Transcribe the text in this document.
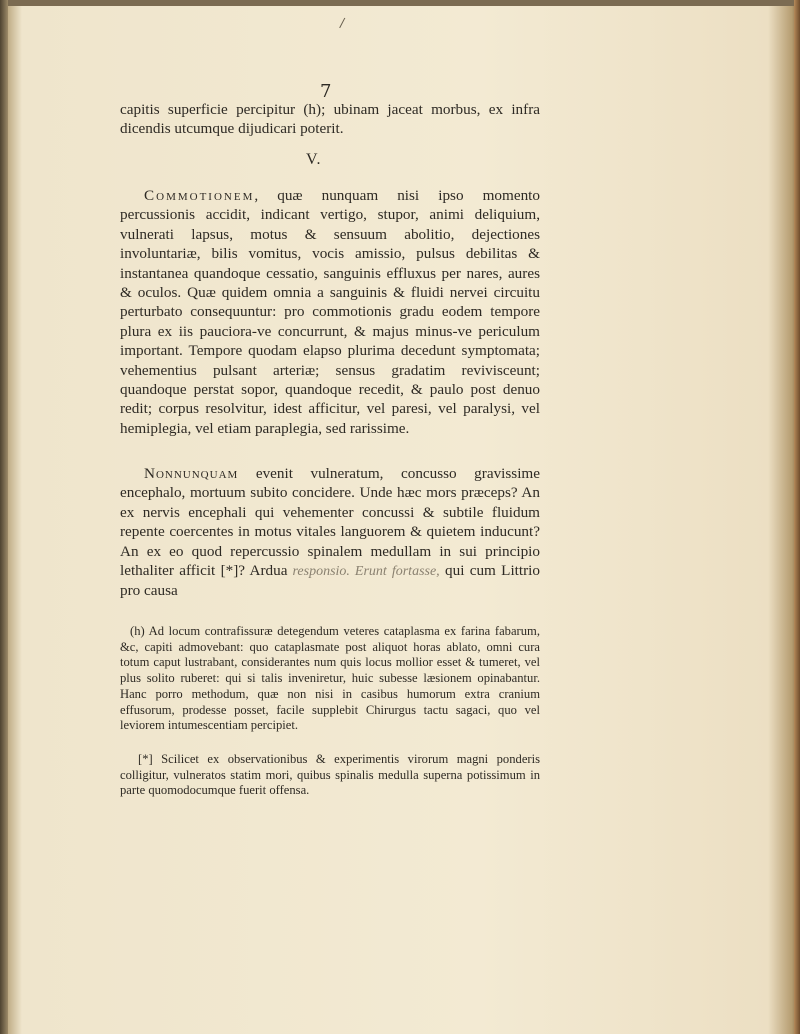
/
7
capitis superficie percipitur (h); ubinam jaceat morbus, ex infra dicendis utcumque dijudicari poterit.
V.
Commotionem, quæ nunquam nisi ipso momento percussionis accidit, indicant vertigo, stupor, animi deliquium, vulnerati lapsus, motus & sensuum abolitio, dejectiones involuntariæ, bilis vomitus, vocis amissio, pulsus debilitas & instantanea quandoque cessatio, sanguinis effluxus per nares, aures & oculos. Quæ quidem omnia a sanguinis & fluidi nervei circuitu perturbato consequuntur: pro commotionis gradu eodem tempore plura ex iis pauciora-ve concurrunt, & majus minus-ve periculum important. Tempore quodam elapso plurima decedunt symptomata; vehementius pulsant arteriæ; sensus gradatim revivisceunt; quandoque perstat sopor, quandoque recedit, & paulo post denuo redit; corpus resolvitur, idest afficitur, vel paresi, vel paralysi, vel hemiplegia, vel etiam paraplegia, sed rarissime.
Nonnunquam evenit vulneratum, concusso gravissime encephalo, mortuum subito concidere. Unde hæc mors præceps? An ex nervis encephali qui vehementer concussi & subtile fluidum repente coercentes in motus vitales languorem & quietem inducunt? An ex eo quod repercussio spinalem medullam in sui principio lethaliter afficit [*]? Ardua responsio. Erunt fortasse, qui cum Littrio pro causa
(h) Ad locum contrafissuræ detegendum veteres cataplasma ex farina fabarum, &c, capiti admovebant: quo cataplasmate post aliquot horas ablato, omni cura totum caput lustrabant, considerantes num quis locus mollior esset & tumeret, vel plus solito ruberet: qui si talis inveniretur, huic subesse læsionem opinabantur. Hanc porro methodum, quæ non nisi in casibus humorum extra cranium effusorum, prodesse posset, facile supplebit Chirurgus tactu sagaci, quo vel leviorem intumescentiam percipiet.
[*] Scilicet ex observationibus & experimentis virorum magni ponderis colligitur, vulneratos statim mori, quibus spinalis medulla superna potissimum in parte quomodocumque fuerit offensa.
